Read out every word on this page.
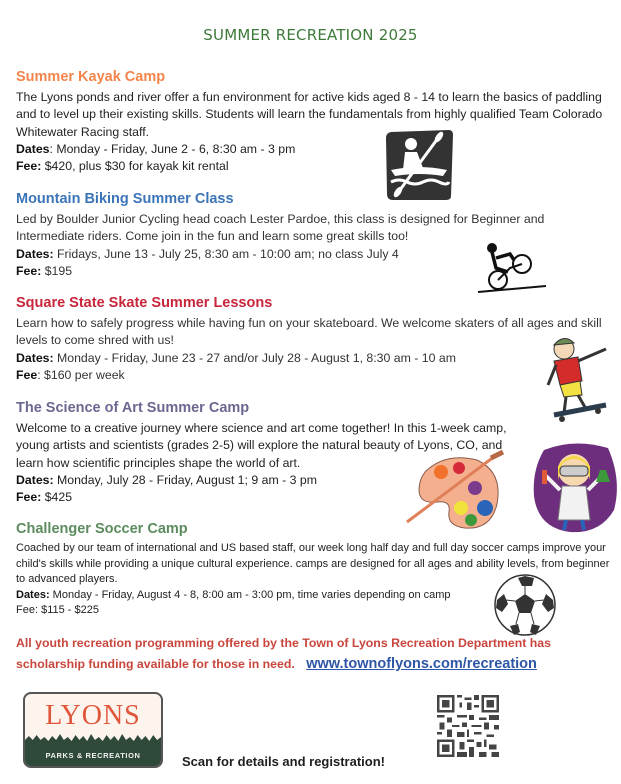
SUMMER RECREATION 2025
Summer Kayak Camp

The Lyons ponds and river offer a fun environment for active kids aged 8 - 14 to learn the basics of paddling and to level up their existing skills. Students will learn the fundamentals from highly qualified Team Colorado Whitewater Racing staff.

Dates: Monday - Friday, June 2 - 6, 8:30 am - 3 pm

Fee: $420, plus $30 for kayak kit rental

Mountain Biking Summer Class

Led by Boulder Junior Cycling head coach Lester Pardoe, this class is designed for Beginner and Intermediate riders. Come join in the fun and learn some great skills too!

Dates: Fridays, June 13 - July 25, 8:30 am - 10:00 am; no class July 4

Fee: $195

Square State Skate Summer Lessons

Learn how to safely progress while having fun on your skateboard. We welcome skaters of all ages and skill levels to come shred with us!

Dates: Monday - Friday, June 23 - 27 and/or July 28 - August 1, 8:30 am - 10 am

Fee: $160 per week

The Science of Art Summer Camp

Welcome to a creative journey where science and art come together! In this 1-week camp, young artists and scientists (grades 2-5) will explore the natural beauty of Lyons, CO, and learn how scientific principles shape the world of art.

Dates: Monday, July 28 - Friday, August 1; 9 am - 3 pm

Fee: $425

Challenger Soccer Camp

Coached by our team of international and US based staff, our week long half day and full day soccer camps improve your child's skills while providing a unique cultural experience. camps are designed for all ages and ability levels, from beginner to advanced players.

Dates: Monday - Friday, August 4 - 8, 8:00 am - 3:00 pm, time varies depending on camp

Fee: $115 - $225

All youth recreation programming offered by the Town of Lyons Recreation Department has scholarship funding available for those in need. www.townoflyons.com/recreation
LYONS
PARKS & RECREATION	Scan for details and registration!
